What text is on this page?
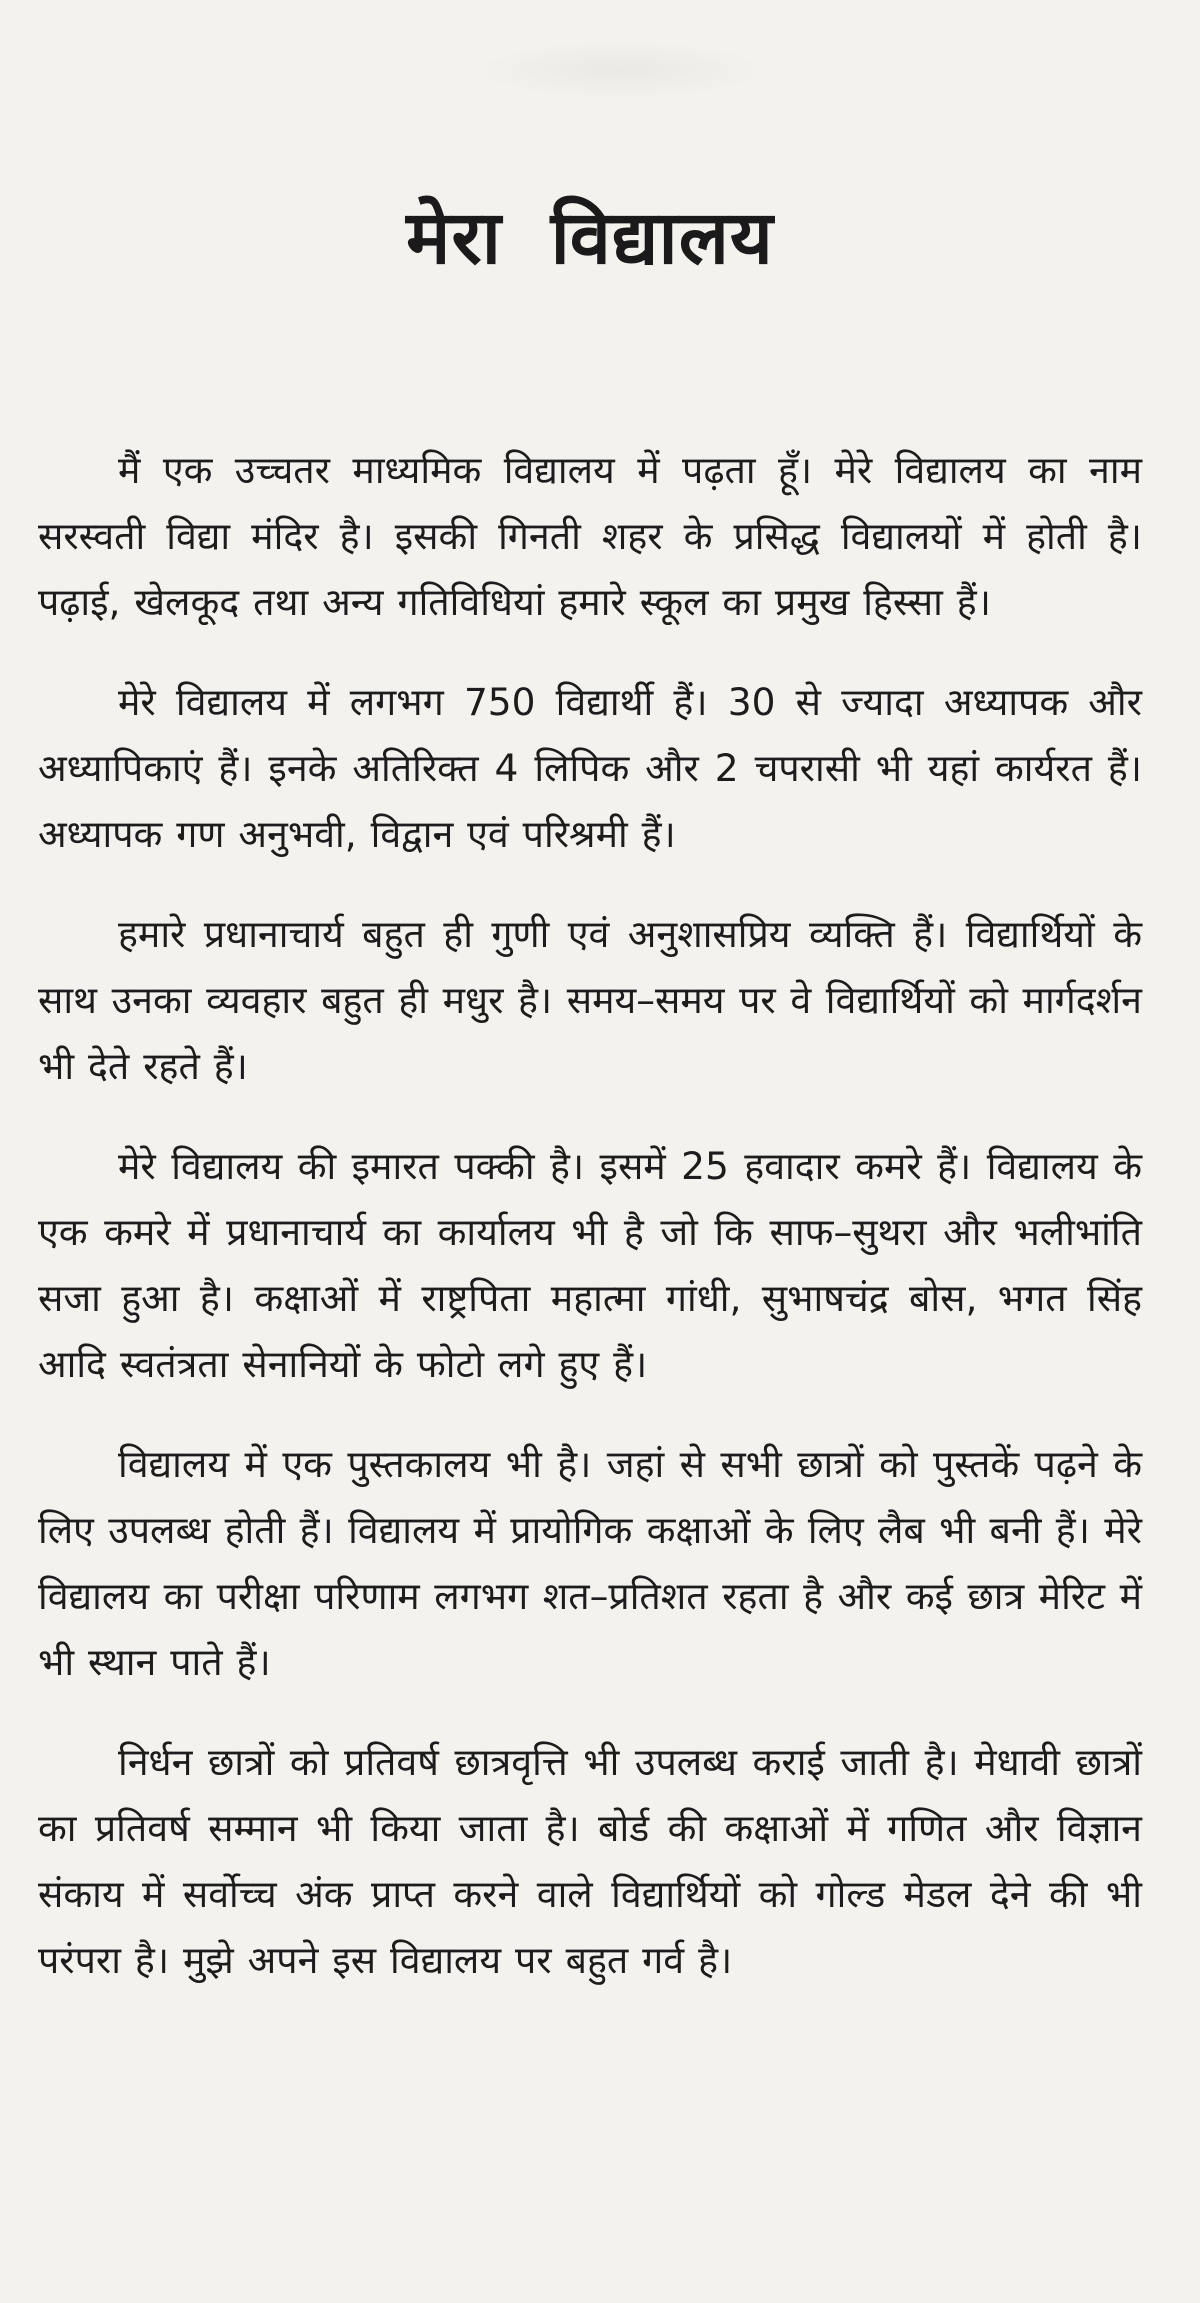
मेरा विद्यालय

मैं एक उच्चतर माध्यमिक विद्यालय में पढ़ता हूँ। मेरे विद्यालय का नाम सरस्वती विद्या मंदिर है। इसकी गिनती शहर के प्रसिद्ध विद्यालयों में होती है। पढ़ाई, खेलकूद तथा अन्य गतिविधियां हमारे स्कूल का प्रमुख हिस्सा हैं।

मेरे विद्यालय में लगभग 750 विद्यार्थी हैं। 30 से ज्यादा अध्यापक और अध्यापिकाएं हैं। इनके अतिरिक्त 4 लिपिक और 2 चपरासी भी यहां कार्यरत हैं। अध्यापक गण अनुभवी, विद्वान एवं परिश्रमी हैं।

हमारे प्रधानाचार्य बहुत ही गुणी एवं अनुशासप्रिय व्यक्ति हैं। विद्यार्थियों के साथ उनका व्यवहार बहुत ही मधुर है। समय–समय पर वे विद्यार्थियों को मार्गदर्शन भी देते रहते हैं।

मेरे विद्यालय की इमारत पक्की है। इसमें 25 हवादार कमरे हैं। विद्यालय के एक कमरे में प्रधानाचार्य का कार्यालय भी है जो कि साफ–सुथरा और भलीभांति सजा हुआ है। कक्षाओं में राष्ट्रपिता महात्मा गांधी, सुभाषचंद्र बोस, भगत सिंह आदि स्वतंत्रता सेनानियों के फोटो लगे हुए हैं।

विद्यालय में एक पुस्तकालय भी है। जहां से सभी छात्रों को पुस्तकें पढ़ने के लिए उपलब्ध होती हैं। विद्यालय में प्रायोगिक कक्षाओं के लिए लैब भी बनी हैं। मेरे विद्यालय का परीक्षा परिणाम लगभग शत–प्रतिशत रहता है और कई छात्र मेरिट में भी स्थान पाते हैं।

निर्धन छात्रों को प्रतिवर्ष छात्रवृत्ति भी उपलब्ध कराई जाती है। मेधावी छात्रों का प्रतिवर्ष सम्मान भी किया जाता है। बोर्ड की कक्षाओं में गणित और विज्ञान संकाय में सर्वोच्च अंक प्राप्त करने वाले विद्यार्थियों को गोल्ड मेडल देने की भी परंपरा है। मुझे अपने इस विद्यालय पर बहुत गर्व है।
